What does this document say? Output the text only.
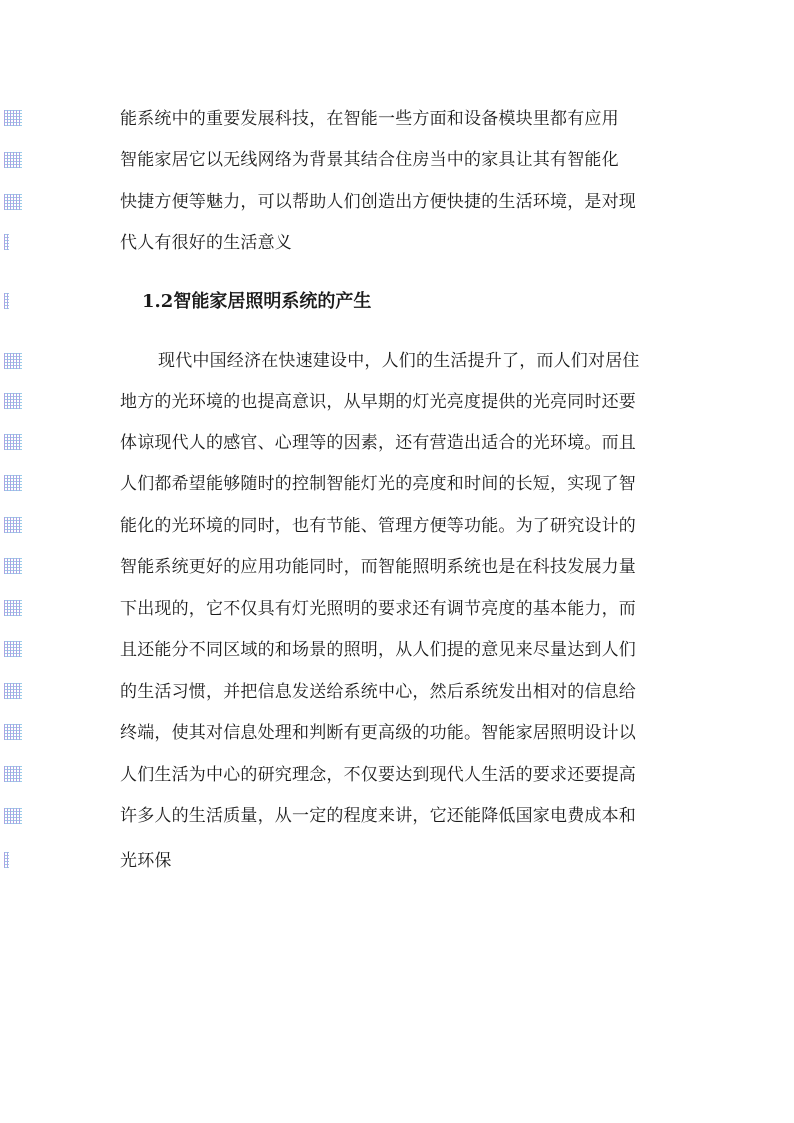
能系统中的重要发展科技，在智能一些方面和设备模块里都有应用
智能家居它以无线网络为背景其结合住房当中的家具让其有智能化
快捷方便等魅力，可以帮助人们创造出方便快捷的生活环境，是对现
代人有很好的生活意义
1.2智能家居照明系统的产生
现代中国经济在快速建设中，人们的生活提升了，而人们对居住
地方的光环境的也提高意识，从早期的灯光亮度提供的光亮同时还要
体谅现代人的感官、心理等的因素，还有营造出适合的光环境。而且
人们都希望能够随时的控制智能灯光的亮度和时间的长短，实现了智
能化的光环境的同时，也有节能、管理方便等功能。为了研究设计的
智能系统更好的应用功能同时，而智能照明系统也是在科技发展力量
下出现的，它不仅具有灯光照明的要求还有调节亮度的基本能力，而
且还能分不同区域的和场景的照明，从人们提的意见来尽量达到人们
的生活习惯，并把信息发送给系统中心，然后系统发出相对的信息给
终端，使其对信息处理和判断有更高级的功能。智能家居照明设计以
人们生活为中心的研究理念，不仅要达到现代人生活的要求还要提高
许多人的生活质量，从一定的程度来讲，它还能降低国家电费成本和
光环保
